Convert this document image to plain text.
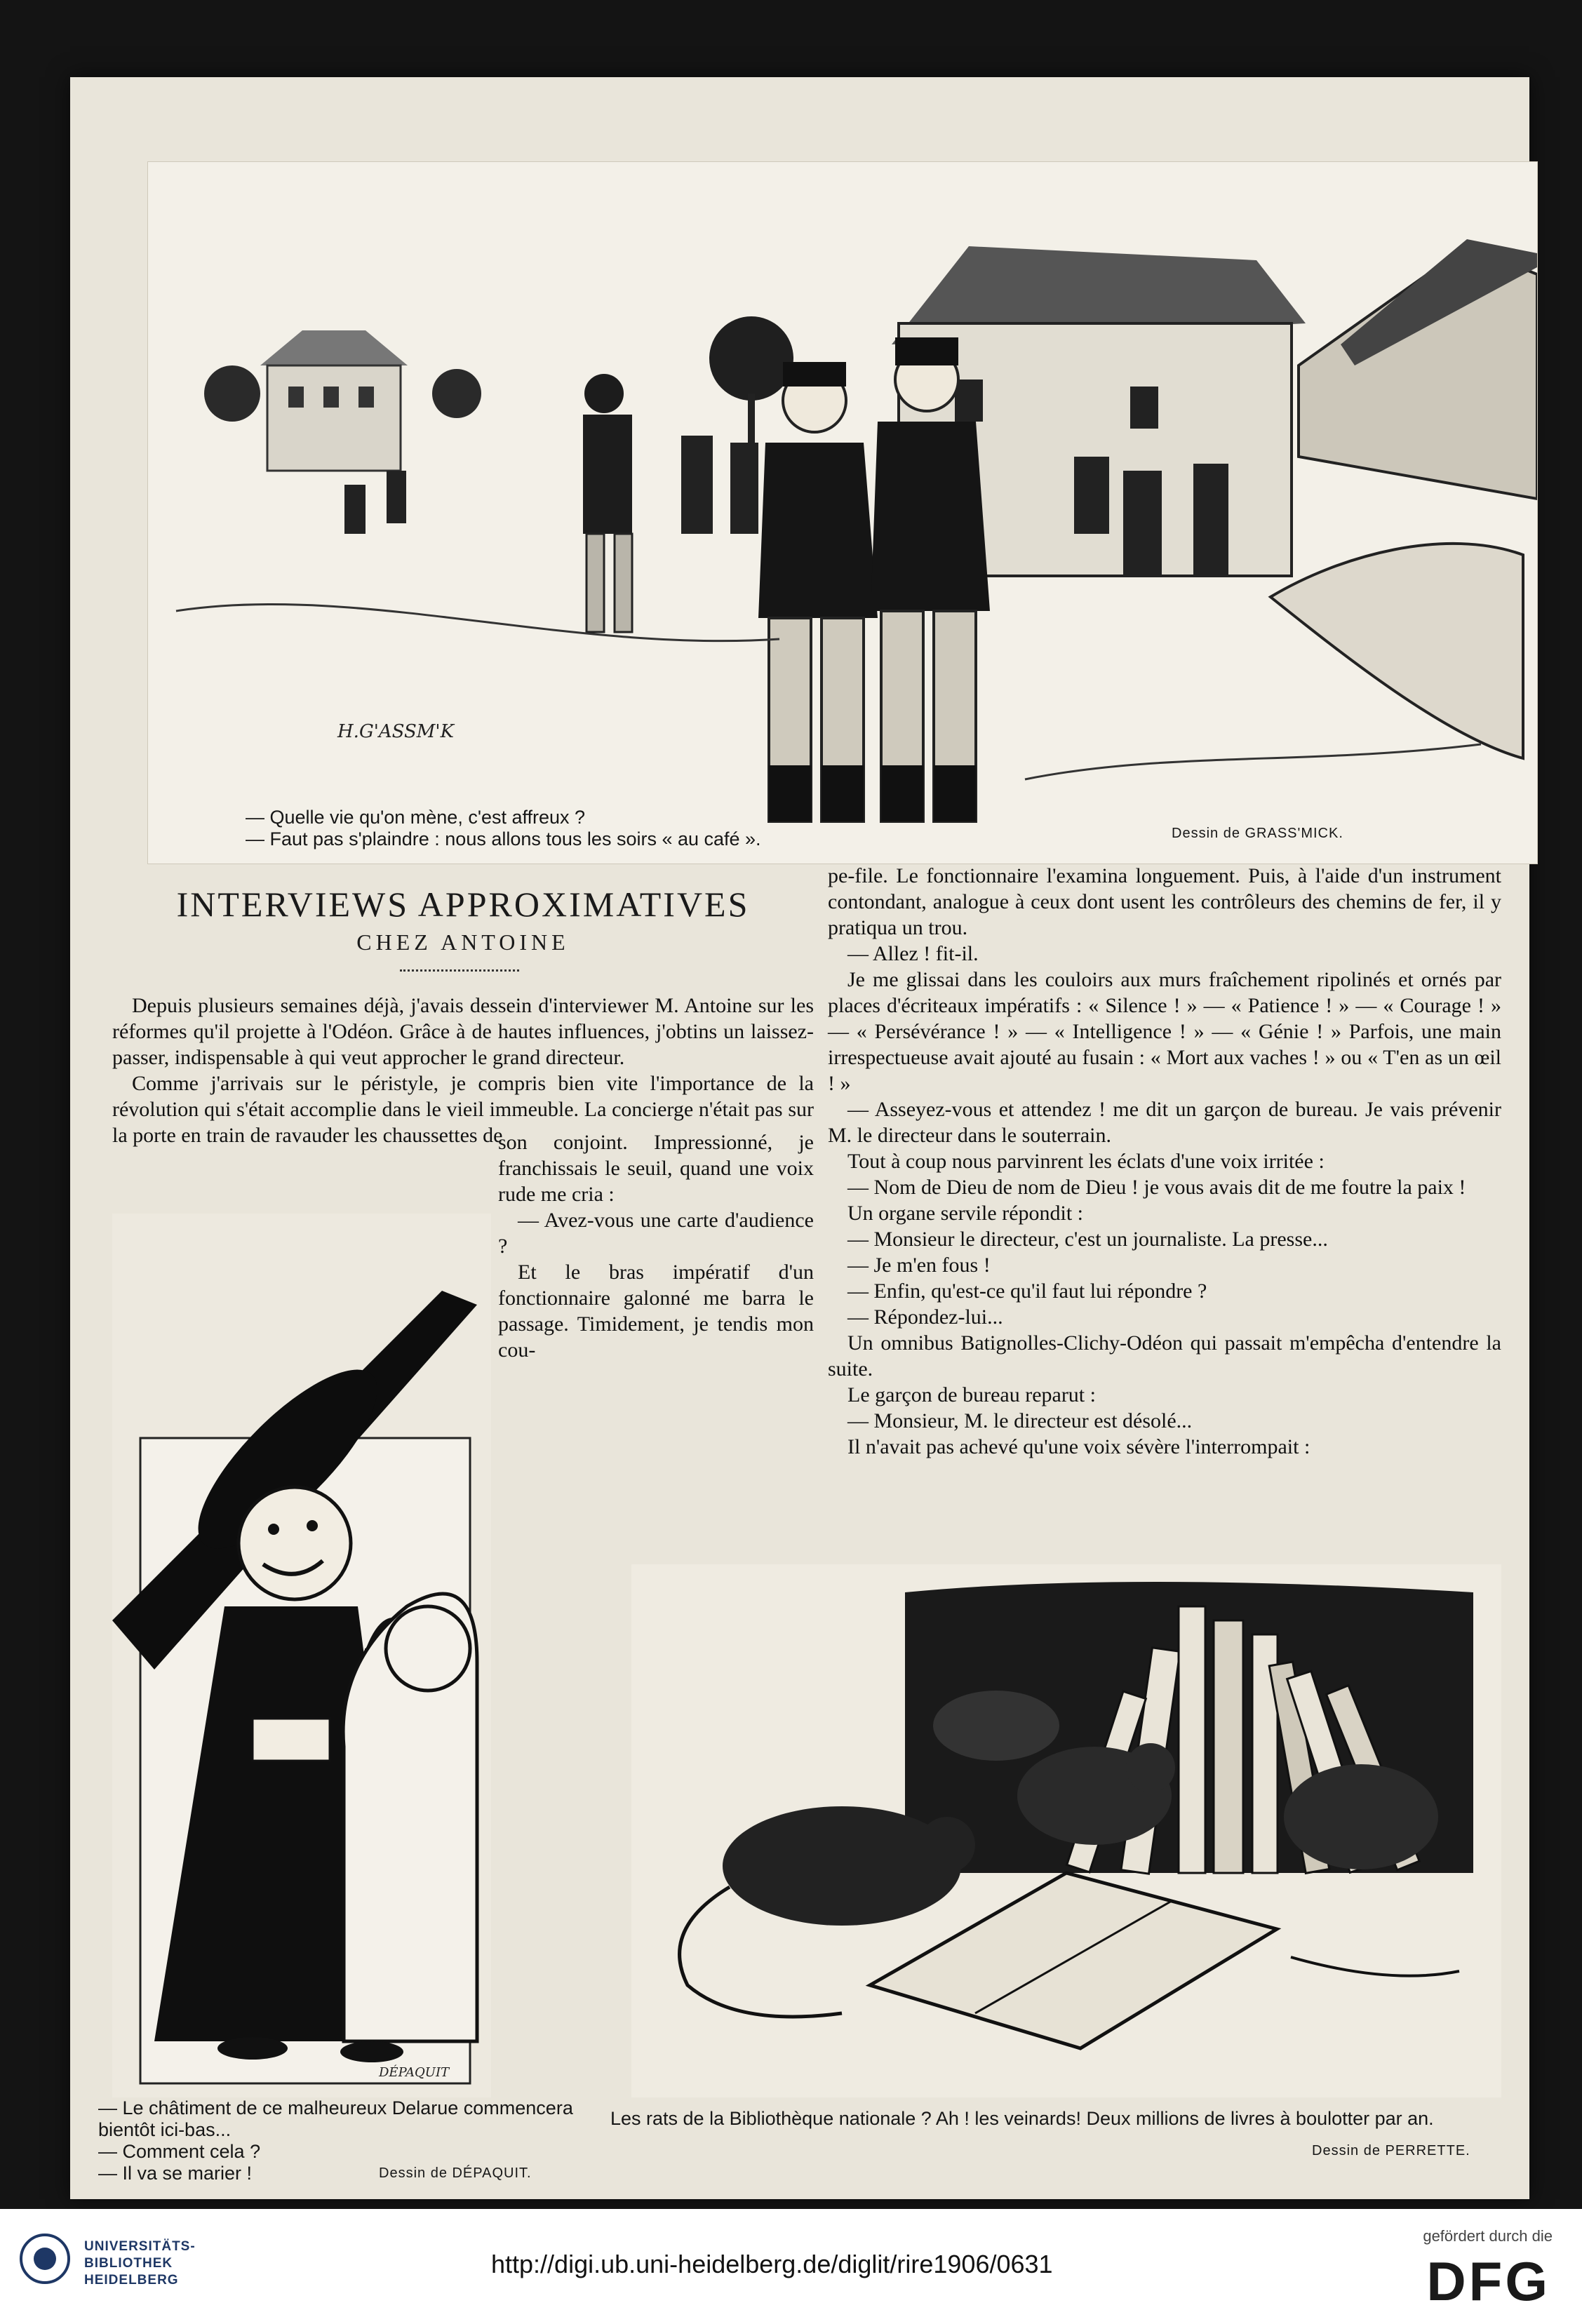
H.G'ASSM'K
— Quelle vie qu'on mène, c'est affreux ?
— Faut pas s'plaindre : nous allons tous les soirs « au café ».	Dessin de GRASS'MICK.
INTERVIEWS APPROXIMATIVES
CHEZ ANTOINE

Depuis plusieurs semaines déjà, j'avais dessein d'interviewer M. Antoine sur les réformes qu'il projette à l'Odéon. Grâce à de hautes influences, j'obtins un laissez-passer, indispensable à qui veut approcher le grand directeur.

Comme j'arrivais sur le péristyle, je compris bien vite l'importance de la révolution qui s'était accomplie dans le vieil immeuble. La concierge n'était pas sur la porte en train de ravauder les chaussettes de

son conjoint. Impressionné, je franchissais le seuil, quand une voix rude me cria :

— Avez-vous une carte d'audience ?

Et le bras impératif d'un fonctionnaire galonné me barra le passage. Timidement, je tendis mon cou-

DÉPAQUIT
— Le châtiment de ce malheureux Delarue commencera bientôt ici-bas...
— Comment cela ?
— Il va se marier !	Dessin de DÉPAQUIT.

pe-file. Le fonctionnaire l'examina longuement. Puis, à l'aide d'un instrument contondant, analogue à ceux dont usent les contrôleurs des chemins de fer, il y pratiqua un trou.

— Allez ! fit-il.

Je me glissai dans les couloirs aux murs fraîchement ripolinés et ornés par places d'écriteaux impératifs : « Silence ! » — « Patience ! » — « Courage ! » — « Persévérance ! » — « Intelligence ! » — « Génie ! » Parfois, une main irrespectueuse avait ajouté au fusain : « Mort aux vaches ! » ou « T'en as un œil ! »

— Asseyez-vous et attendez ! me dit un garçon de bureau. Je vais prévenir M. le directeur dans le souterrain.

Tout à coup nous parvinrent les éclats d'une voix irritée :

— Nom de Dieu de nom de Dieu ! je vous avais dit de me foutre la paix !

Un organe servile répondit :

— Monsieur le directeur, c'est un journaliste. La presse...

— Je m'en fous !

— Enfin, qu'est-ce qu'il faut lui répondre ?

— Répondez-lui...

Un omnibus Batignolles-Clichy-Odéon qui passait m'empêcha d'entendre la suite.

Le garçon de bureau reparut :

— Monsieur, M. le directeur est désolé...

Il n'avait pas achevé qu'une voix sévère l'interrompait :

Les rats de la Bibliothèque nationale ? Ah ! les veinards! Deux millions de livres à boulotter par an.
Dessin de PERRETTE.
UNIVERSITÄTS-
BIBLIOTHEK
HEIDELBERG
http://digi.ub.uni-heidelberg.de/diglit/rire1906/0631
gefördert durch die
DFG
